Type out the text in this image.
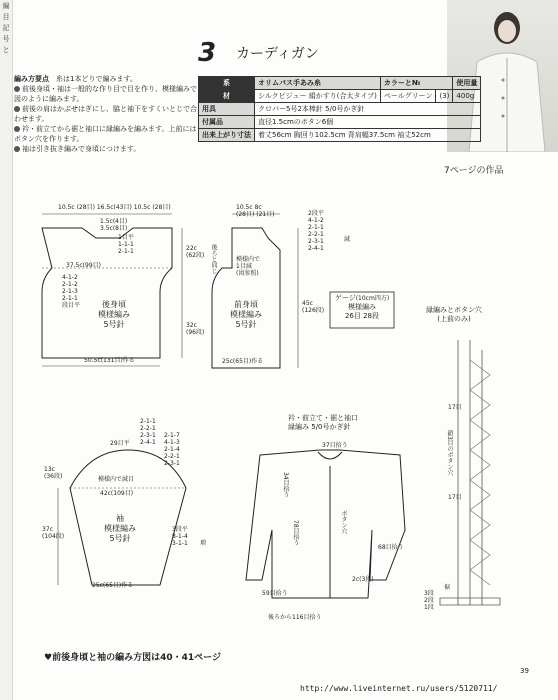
編
目
記
号
と	3 カーディガン
編み方要点　 糸は1本どりで編みます。
前後身頃・袖は一般的な作り目で目を作り、模様編みで図のように編みます。
前後の肩はかぶせはぎにし、脇と袖下をすくいとじで合わせます。
衿・前立てから裾と袖口に縁編みを編みます。上前にはボタン穴を作ります。
袖は引き抜き編みで身頃につけます。
系	オリムパス手あみ糸	カラーと№		使用量
材	シルクピジュー 絹かすり(合太タイプ)	ペールグリーン	(3)	400g
用具	クロバー5号2本棒針 5/0号かぎ針			
付属品	直径1.5cmのボタン6個			
出来上がり寸法	着丈56cm 胸回り102.5cm 背肩幅37.5cm 袖丈52cm			
7ページの作品
10.5c (28目) 16.5c(43目) 10.5c (28目)
1.5c(4目)
3.5c(8目)
1目平
1-1-1
2-1-1
37.5c(99目)
4-1-2
2-1-2
2-1-3
2-1-1
段目平	後身頃
模様編み
5号針
50.5c(131目)作る
22c
(62段)
32c
(96段)
10.5c 8c
(28目) (21目)
模様内で
1目減
(図参照)
後ろと同じ
2段平
4-1-2
2-1-1
2-2-1
2-3-1
2-4-1
減
前身頃
模様編み
5号針
45c
(126段)
25c(65目)作る
ゲージ(10cm四方)
模様編み
26目 28段
29目平
2-1-1
2-2-1
2-3-1
2-4-1
2-1-7
4-1-3
2-1-4
2-2-1
2-3-1
模様内で減目
42c(109目)
13c
(36段)
袖
模様編み
5号針
37c
(104段)
3段平
8-1-4
3-1-1 増
25c(65目)作る
衿・前立て・裾と袖口
縁編み 5/0号かぎ針
37目拾う
34目拾う
78目拾う	ボタン穴
68目拾う
2c(3段)
59目拾う
後ろから116目拾う
縁編みとボタン穴
(上前のみ)
17目
鎖3目のボタン穴
17目
3段
2段
1段
裾
♥前後身頃と袖の編み方図は40・41ページ
39
http://www.liveinternet.ru/users/5120711/
